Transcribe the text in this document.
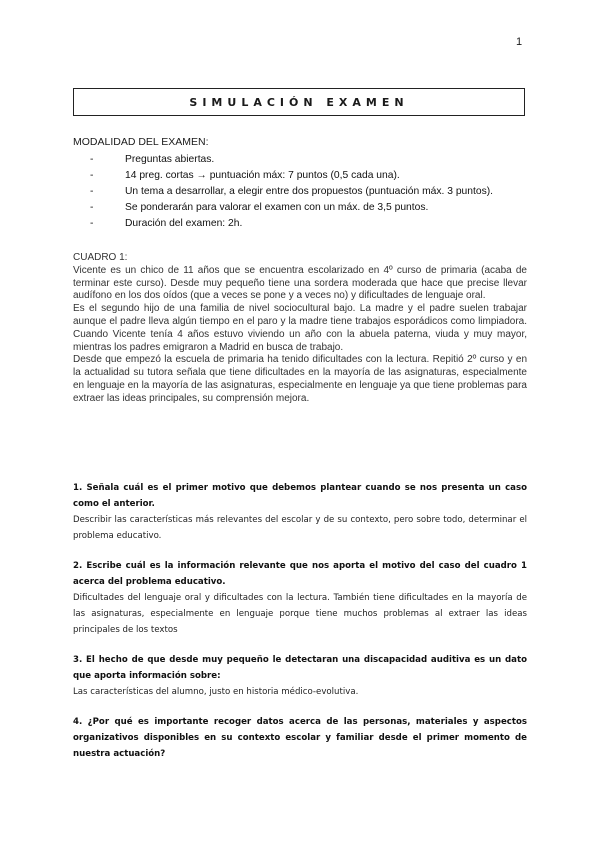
1
SIMULACIÓN EXAMEN
MODALIDAD DEL EXAMEN:
- Preguntas abiertas.
- 14 preg. cortas → puntuación máx: 7 puntos (0,5 cada una).
- Un tema a desarrollar, a elegir entre dos propuestos (puntuación máx. 3 puntos).
- Se ponderarán para valorar el examen con un máx. de 3,5 puntos.
- Duración del examen: 2h.

CUADRO 1:

Vicente es un chico de 11 años que se encuentra escolarizado en 4º curso de primaria (acaba de terminar este curso). Desde muy pequeño tiene una sordera moderada que hace que precise llevar audífono en los dos oídos (que a veces se pone y a veces no) y dificultades de lenguaje oral.

Es el segundo hijo de una familia de nivel sociocultural bajo. La madre y el padre suelen trabajar aunque el padre lleva algún tiempo en el paro y la madre tiene trabajos esporádicos como limpiadora. Cuando Vicente tenía 4 años estuvo viviendo un año con la abuela paterna, viuda y muy mayor, mientras los padres emigraron a Madrid en busca de trabajo.

Desde que empezó la escuela de primaria ha tenido dificultades con la lectura. Repitió 2º curso y en la actualidad su tutora señala que tiene dificultades en la mayoría de las asignaturas, especialmente en lenguaje en la mayoría de las asignaturas, especialmente en lenguaje ya que tiene problemas para extraer las ideas principales, su comprensión mejora.

1. Señala cuál es el primer motivo que debemos plantear cuando se nos presenta un caso como el anterior.

Describir las características más relevantes del escolar y de su contexto, pero sobre todo, determinar el problema educativo.

2. Escribe cuál es la información relevante que nos aporta el motivo del caso del cuadro 1 acerca del problema educativo.

Dificultades del lenguaje oral y dificultades con la lectura. También tiene dificultades en la mayoría de las asignaturas, especialmente en lenguaje porque tiene muchos problemas al extraer las ideas principales de los textos

3. El hecho de que desde muy pequeño le detectaran una discapacidad auditiva es un dato que aporta información sobre:

Las características del alumno, justo en historia médico-evolutiva.

4. ¿Por qué es importante recoger datos acerca de las personas, materiales y aspectos organizativos disponibles en su contexto escolar y familiar desde el primer momento de nuestra actuación?
